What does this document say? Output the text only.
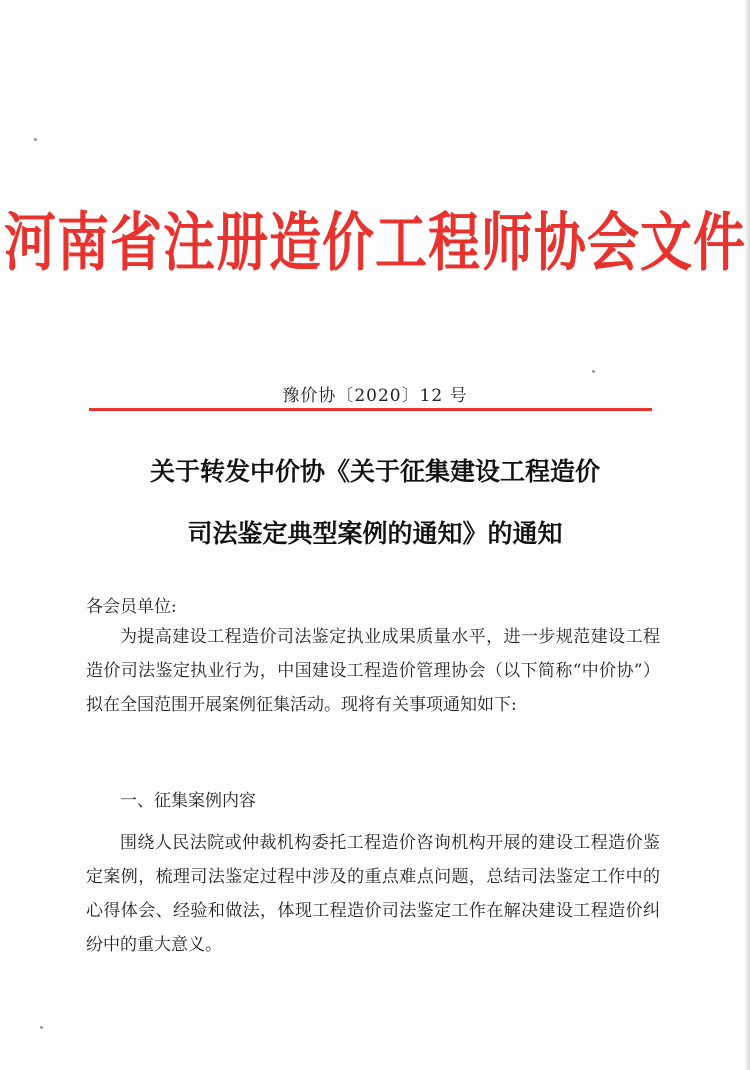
河南省注册造价工程师协会文件
豫价协〔2020〕12 号
关于转发中价协《关于征集建设工程造价
司法鉴定典型案例的通知》的通知
各会员单位:
为提高建设工程造价司法鉴定执业成果质量水平，进一步规范建设工程造价司法鉴定执业行为，中国建设工程造价管理协会（以下简称“中价协”）拟在全国范围开展案例征集活动。现将有关事项通知如下:
一、征集案例内容
围绕人民法院或仲裁机构委托工程造价咨询机构开展的建设工程造价鉴定案例，梳理司法鉴定过程中涉及的重点难点问题，总结司法鉴定工作中的心得体会、经验和做法，体现工程造价司法鉴定工作在解决建设工程造价纠纷中的重大意义。
